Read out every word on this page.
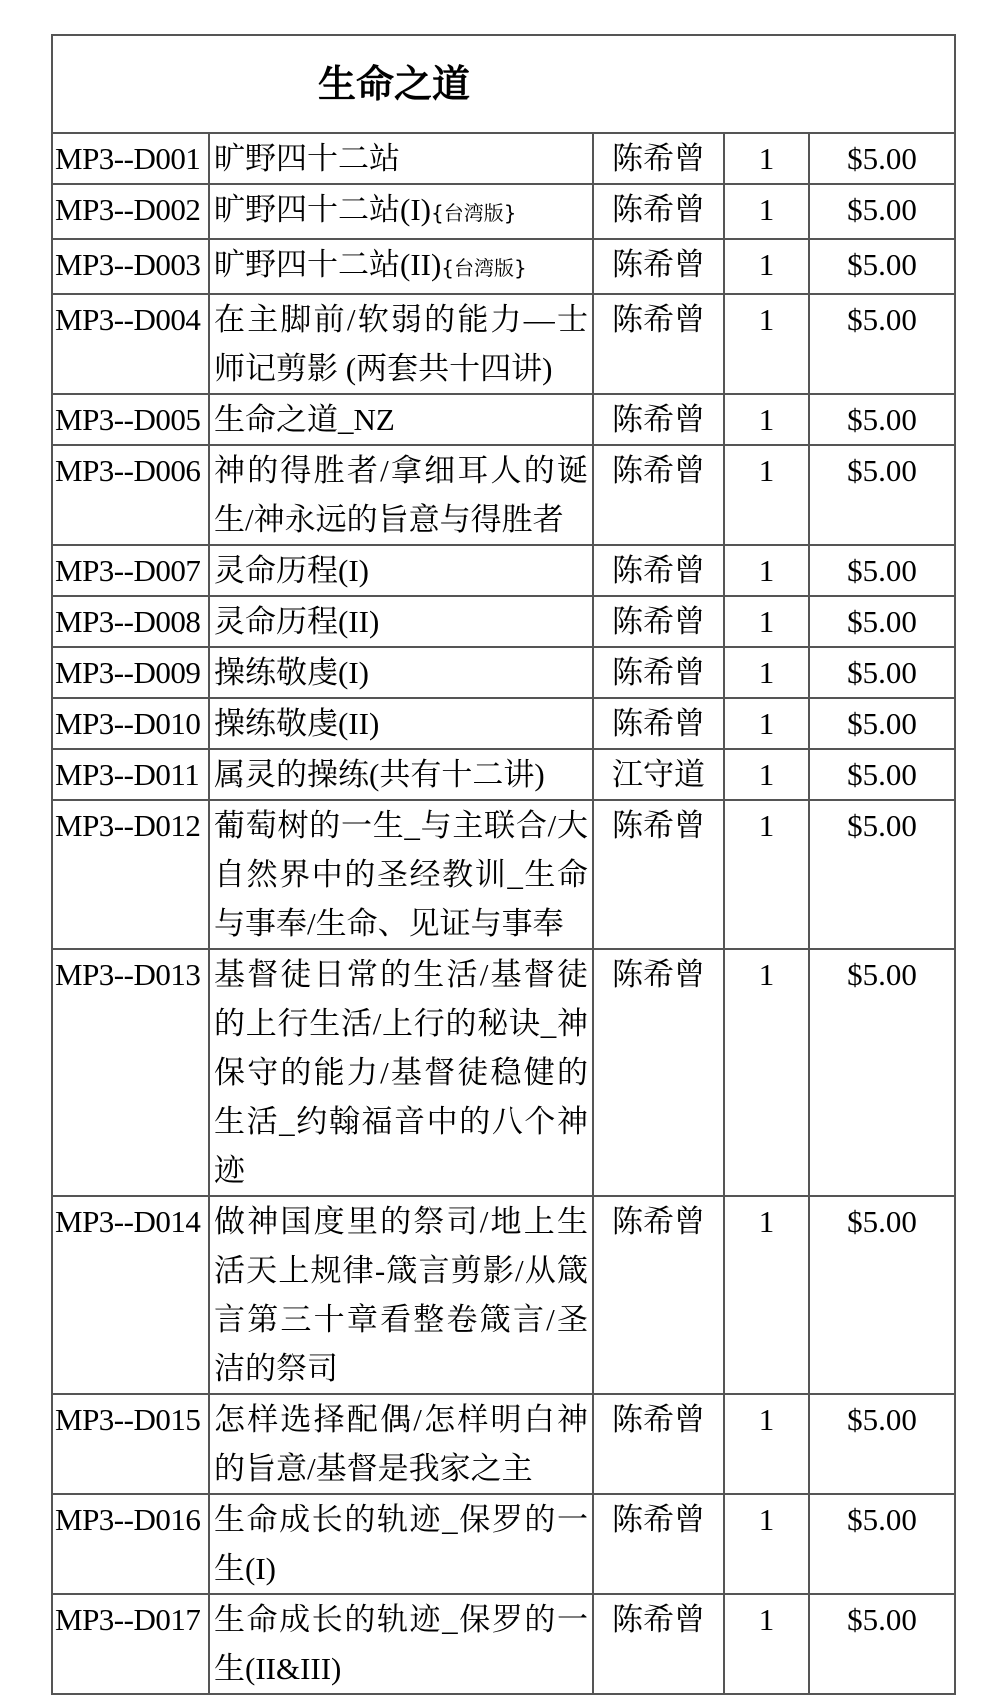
生命之道				
MP3--D001	旷野四十二站	陈希曾	1	$5.00
MP3--D002	旷野四十二站(I){台湾版}	陈希曾	1	$5.00
MP3--D003	旷野四十二站(II){台湾版}	陈希曾	1	$5.00
MP3--D004	在主脚前/软弱的能力—士师记剪影 (两套共十四讲)	陈希曾	1	$5.00
MP3--D005	生命之道_NZ	陈希曾	1	$5.00
MP3--D006	神的得胜者/拿细耳人的诞生/神永远的旨意与得胜者	陈希曾	1	$5.00
MP3--D007	灵命历程(I)	陈希曾	1	$5.00
MP3--D008	灵命历程(II)	陈希曾	1	$5.00
MP3--D009	操练敬虔(I)	陈希曾	1	$5.00
MP3--D010	操练敬虔(II)	陈希曾	1	$5.00
MP3--D011	属灵的操练(共有十二讲)	江守道	1	$5.00
MP3--D012	葡萄树的一生_与主联合/大自然界中的圣经教训_生命与事奉/生命、见证与事奉	陈希曾	1	$5.00
MP3--D013	基督徒日常的生活/基督徒的上行生活/上行的秘诀_神保守的能力/基督徒稳健的生活_约翰福音中的八个神迹	陈希曾	1	$5.00
MP3--D014	做神国度里的祭司/地上生活天上规律-箴言剪影/从箴言第三十章看整卷箴言/圣洁的祭司	陈希曾	1	$5.00
MP3--D015	怎样选择配偶/怎样明白神的旨意/基督是我家之主	陈希曾	1	$5.00
MP3--D016	生命成长的轨迹_保罗的一生(I)	陈希曾	1	$5.00
MP3--D017	生命成长的轨迹_保罗的一生(II&III)	陈希曾	1	$5.00
